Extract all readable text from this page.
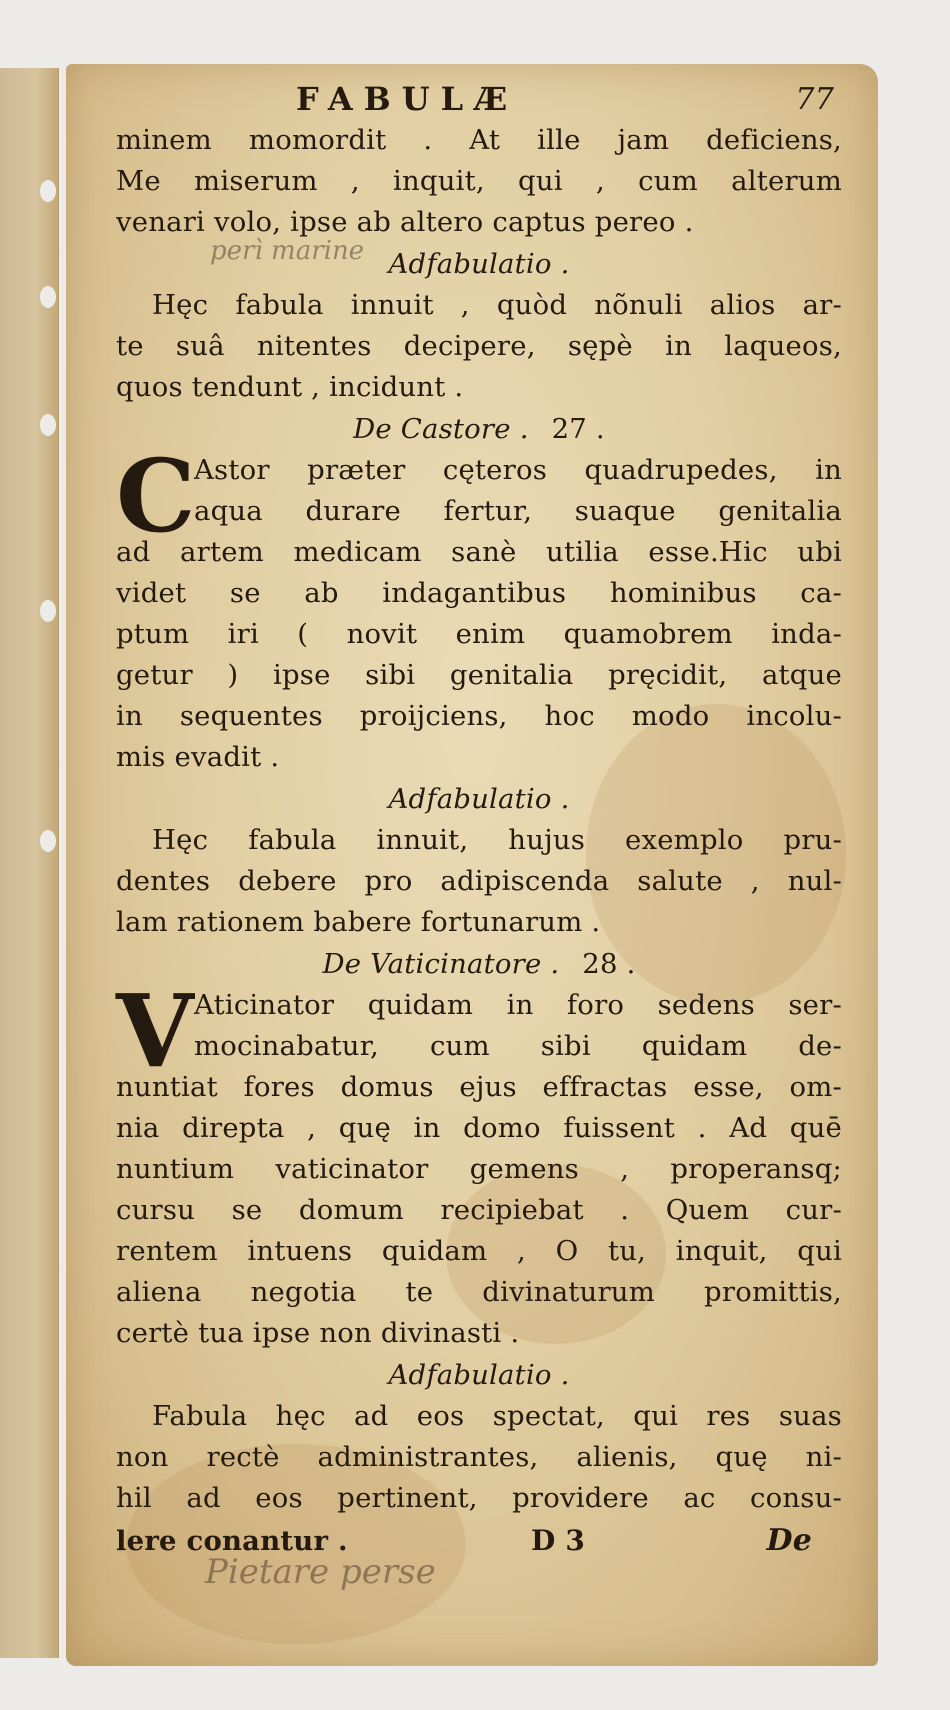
perì marine
FABULÆ	77
minem momordit . At ille jam deficiens,
Me miserum , inquit, qui , cum alterum
venari volo, ipse ab altero captus pereo .
Adfabulatio .
Hęc fabula innuit , quòd nõnuli alios ar-
te suâ nitentes decipere, sępè in laqueos,
quos tendunt , incidunt .
De Castore . 27 .
C
Astor præter cęteros quadrupedes, in
aqua durare fertur, suaque genitalia
ad artem medicam sanè utilia esse.Hic ubi
videt se ab indagantibus hominibus ca-
ptum iri ( novit enim quamobrem inda-
getur ) ipse sibi genitalia pręcidit, atque
in sequentes proijciens, hoc modo incolu-
mis evadit .
Adfabulatio .
Hęc fabula innuit, hujus exemplo pru-
dentes debere pro adipiscenda salute , nul-
lam rationem babere fortunarum .
De Vaticinatore . 28 .
V Aticinator quidam in foro sedens ser-
mocinabatur, cum sibi quidam de-
nuntiat fores domus ejus effractas esse, om-
nia direpta , quę in domo fuissent . Ad quē
nuntium vaticinator gemens , properansq;
cursu se domum recipiebat . Quem cur-
rentem intuens quidam , O tu, inquit, qui
aliena negotia te divinaturum promittis,
certè tua ipse non divinasti .
Adfabulatio .
Fabula hęc ad eos spectat, qui res suas
non rectè administrantes, alienis, quę ni-
hil ad eos pertinent, providere ac consu-
lere conantur .	D 3	De
Pietare perse
